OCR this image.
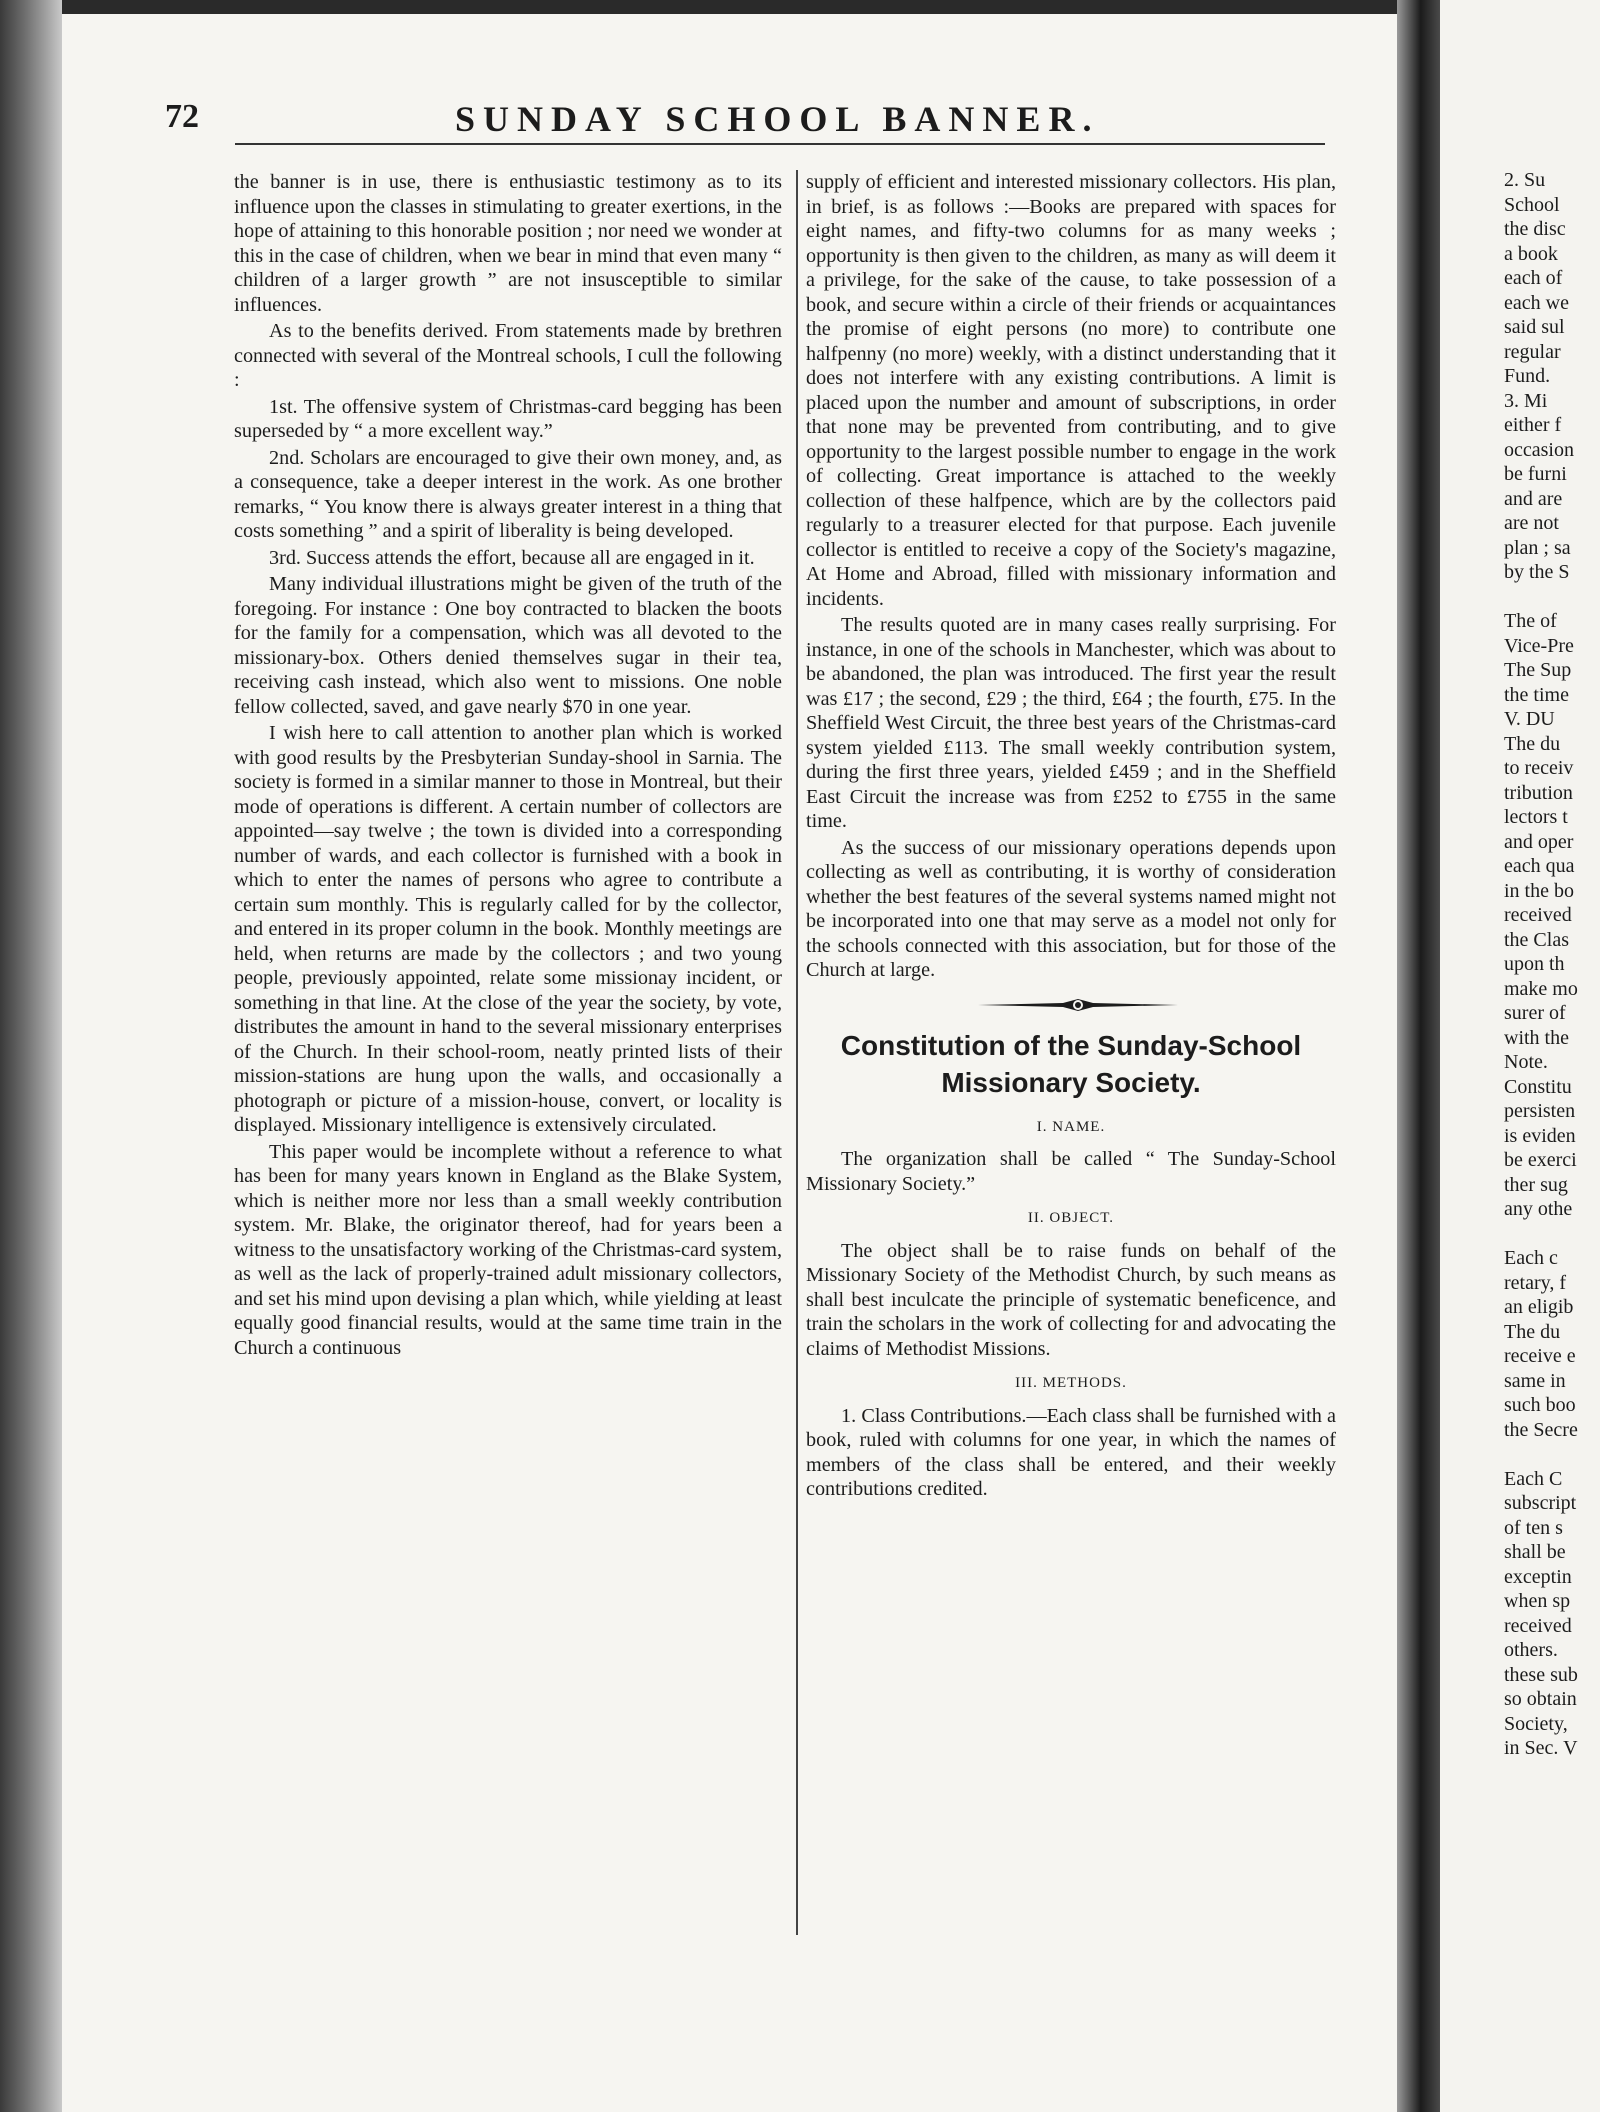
72	SUNDAY SCHOOL BANNER.

the banner is in use, there is enthusiastic testimony as to its influence upon the classes in stimulating to greater exertions, in the hope of attaining to this honorable position ; nor need we wonder at this in the case of children, when we bear in mind that even many “ children of a larger growth ” are not insusceptible to similar influences.

As to the benefits derived. From statements made by brethren connected with several of the Montreal schools, I cull the following :

1st. The offensive system of Christmas-card begging has been superseded by “ a more excellent way.”

2nd. Scholars are encouraged to give their own money, and, as a consequence, take a deeper interest in the work. As one brother remarks, “ You know there is always greater interest in a thing that costs something ” and a spirit of liberality is being developed.

3rd. Success attends the effort, because all are engaged in it.

Many individual illustrations might be given of the truth of the foregoing. For instance : One boy contracted to blacken the boots for the family for a compensation, which was all devoted to the missionary-box. Others denied themselves sugar in their tea, receiving cash instead, which also went to missions. One noble fellow collected, saved, and gave nearly $70 in one year.

I wish here to call attention to another plan which is worked with good results by the Presbyterian Sunday-shool in Sarnia. The society is formed in a similar manner to those in Montreal, but their mode of operations is different. A certain number of collectors are appointed—say twelve ; the town is divided into a corresponding number of wards, and each collector is furnished with a book in which to enter the names of persons who agree to contribute a certain sum monthly. This is regularly called for by the collector, and entered in its proper column in the book. Monthly meetings are held, when returns are made by the collectors ; and two young people, previously appointed, relate some missionay incident, or something in that line. At the close of the year the society, by vote, distributes the amount in hand to the several missionary enterprises of the Church. In their school-room, neatly printed lists of their mission-stations are hung upon the walls, and occasionally a photograph or picture of a mission-house, convert, or locality is displayed. Missionary intelligence is extensively circulated.

This paper would be incomplete without a reference to what has been for many years known in England as the Blake System, which is neither more nor less than a small weekly contribution system. Mr. Blake, the originator thereof, had for years been a witness to the unsatisfactory working of the Christmas-card system, as well as the lack of properly-trained adult missionary collectors, and set his mind upon devising a plan which, while yielding at least equally good financial results, would at the same time train in the Church a continuous

supply of efficient and interested missionary collectors. His plan, in brief, is as follows :—Books are prepared with spaces for eight names, and fifty-two columns for as many weeks ; opportunity is then given to the children, as many as will deem it a privilege, for the sake of the cause, to take possession of a book, and secure within a circle of their friends or acquaintances the promise of eight persons (no more) to contribute one halfpenny (no more) weekly, with a distinct understanding that it does not interfere with any existing contributions. A limit is placed upon the number and amount of subscriptions, in order that none may be prevented from contributing, and to give opportunity to the largest possible number to engage in the work of collecting. Great importance is attached to the weekly collection of these halfpence, which are by the collectors paid regularly to a treasurer elected for that purpose. Each juvenile collector is entitled to receive a copy of the Society's magazine, At Home and Abroad, filled with missionary information and incidents.

The results quoted are in many cases really surprising. For instance, in one of the schools in Manchester, which was about to be abandoned, the plan was introduced. The first year the result was £17 ; the second, £29 ; the third, £64 ; the fourth, £75. In the Sheffield West Circuit, the three best years of the Christmas-card system yielded £113. The small weekly contribution system, during the first three years, yielded £459 ; and in the Sheffield East Circuit the increase was from £252 to £755 in the same time.

As the success of our missionary operations depends upon collecting as well as contributing, it is worthy of consideration whether the best features of the several systems named might not be incorporated into one that may serve as a model not only for the schools connected with this association, but for those of the Church at large.

Constitution of the Sunday-School Missionary Society.

I. NAME.

The organization shall be called “ The Sunday-School Missionary Society.”

II. OBJECT.

The object shall be to raise funds on behalf of the Missionary Society of the Methodist Church, by such means as shall best inculcate the principle of systematic beneficence, and train the scholars in the work of collecting for and advocating the claims of Methodist Missions.

III. METHODS.

1. Class Contributions.—Each class shall be furnished with a book, ruled with columns for one year, in which the names of members of the class shall be entered, and their weekly contributions credited.

2. Su
School
the disc
a book
each of
each we
said sul
regular
Fund.
3. Mi
either f
occasion
be furni
and are
are not
plan ; sa
by the S

The of
Vice-Pre
The Sup
the time
V. DU
The du
to receiv
tribution
lectors t
and oper
each qua
in the bo
received
the Clas
upon th
make mo
surer of
with the
Note.
Constitu
persisten
is eviden
be exerci
ther sug
any othe

Each c
retary, f
an eligib
The du
receive e
same in
such boo
the Secre

Each C
subscript
of ten s
shall be
exceptin
when sp
received
others.
these sub
so obtain
Society,
in Sec. V
